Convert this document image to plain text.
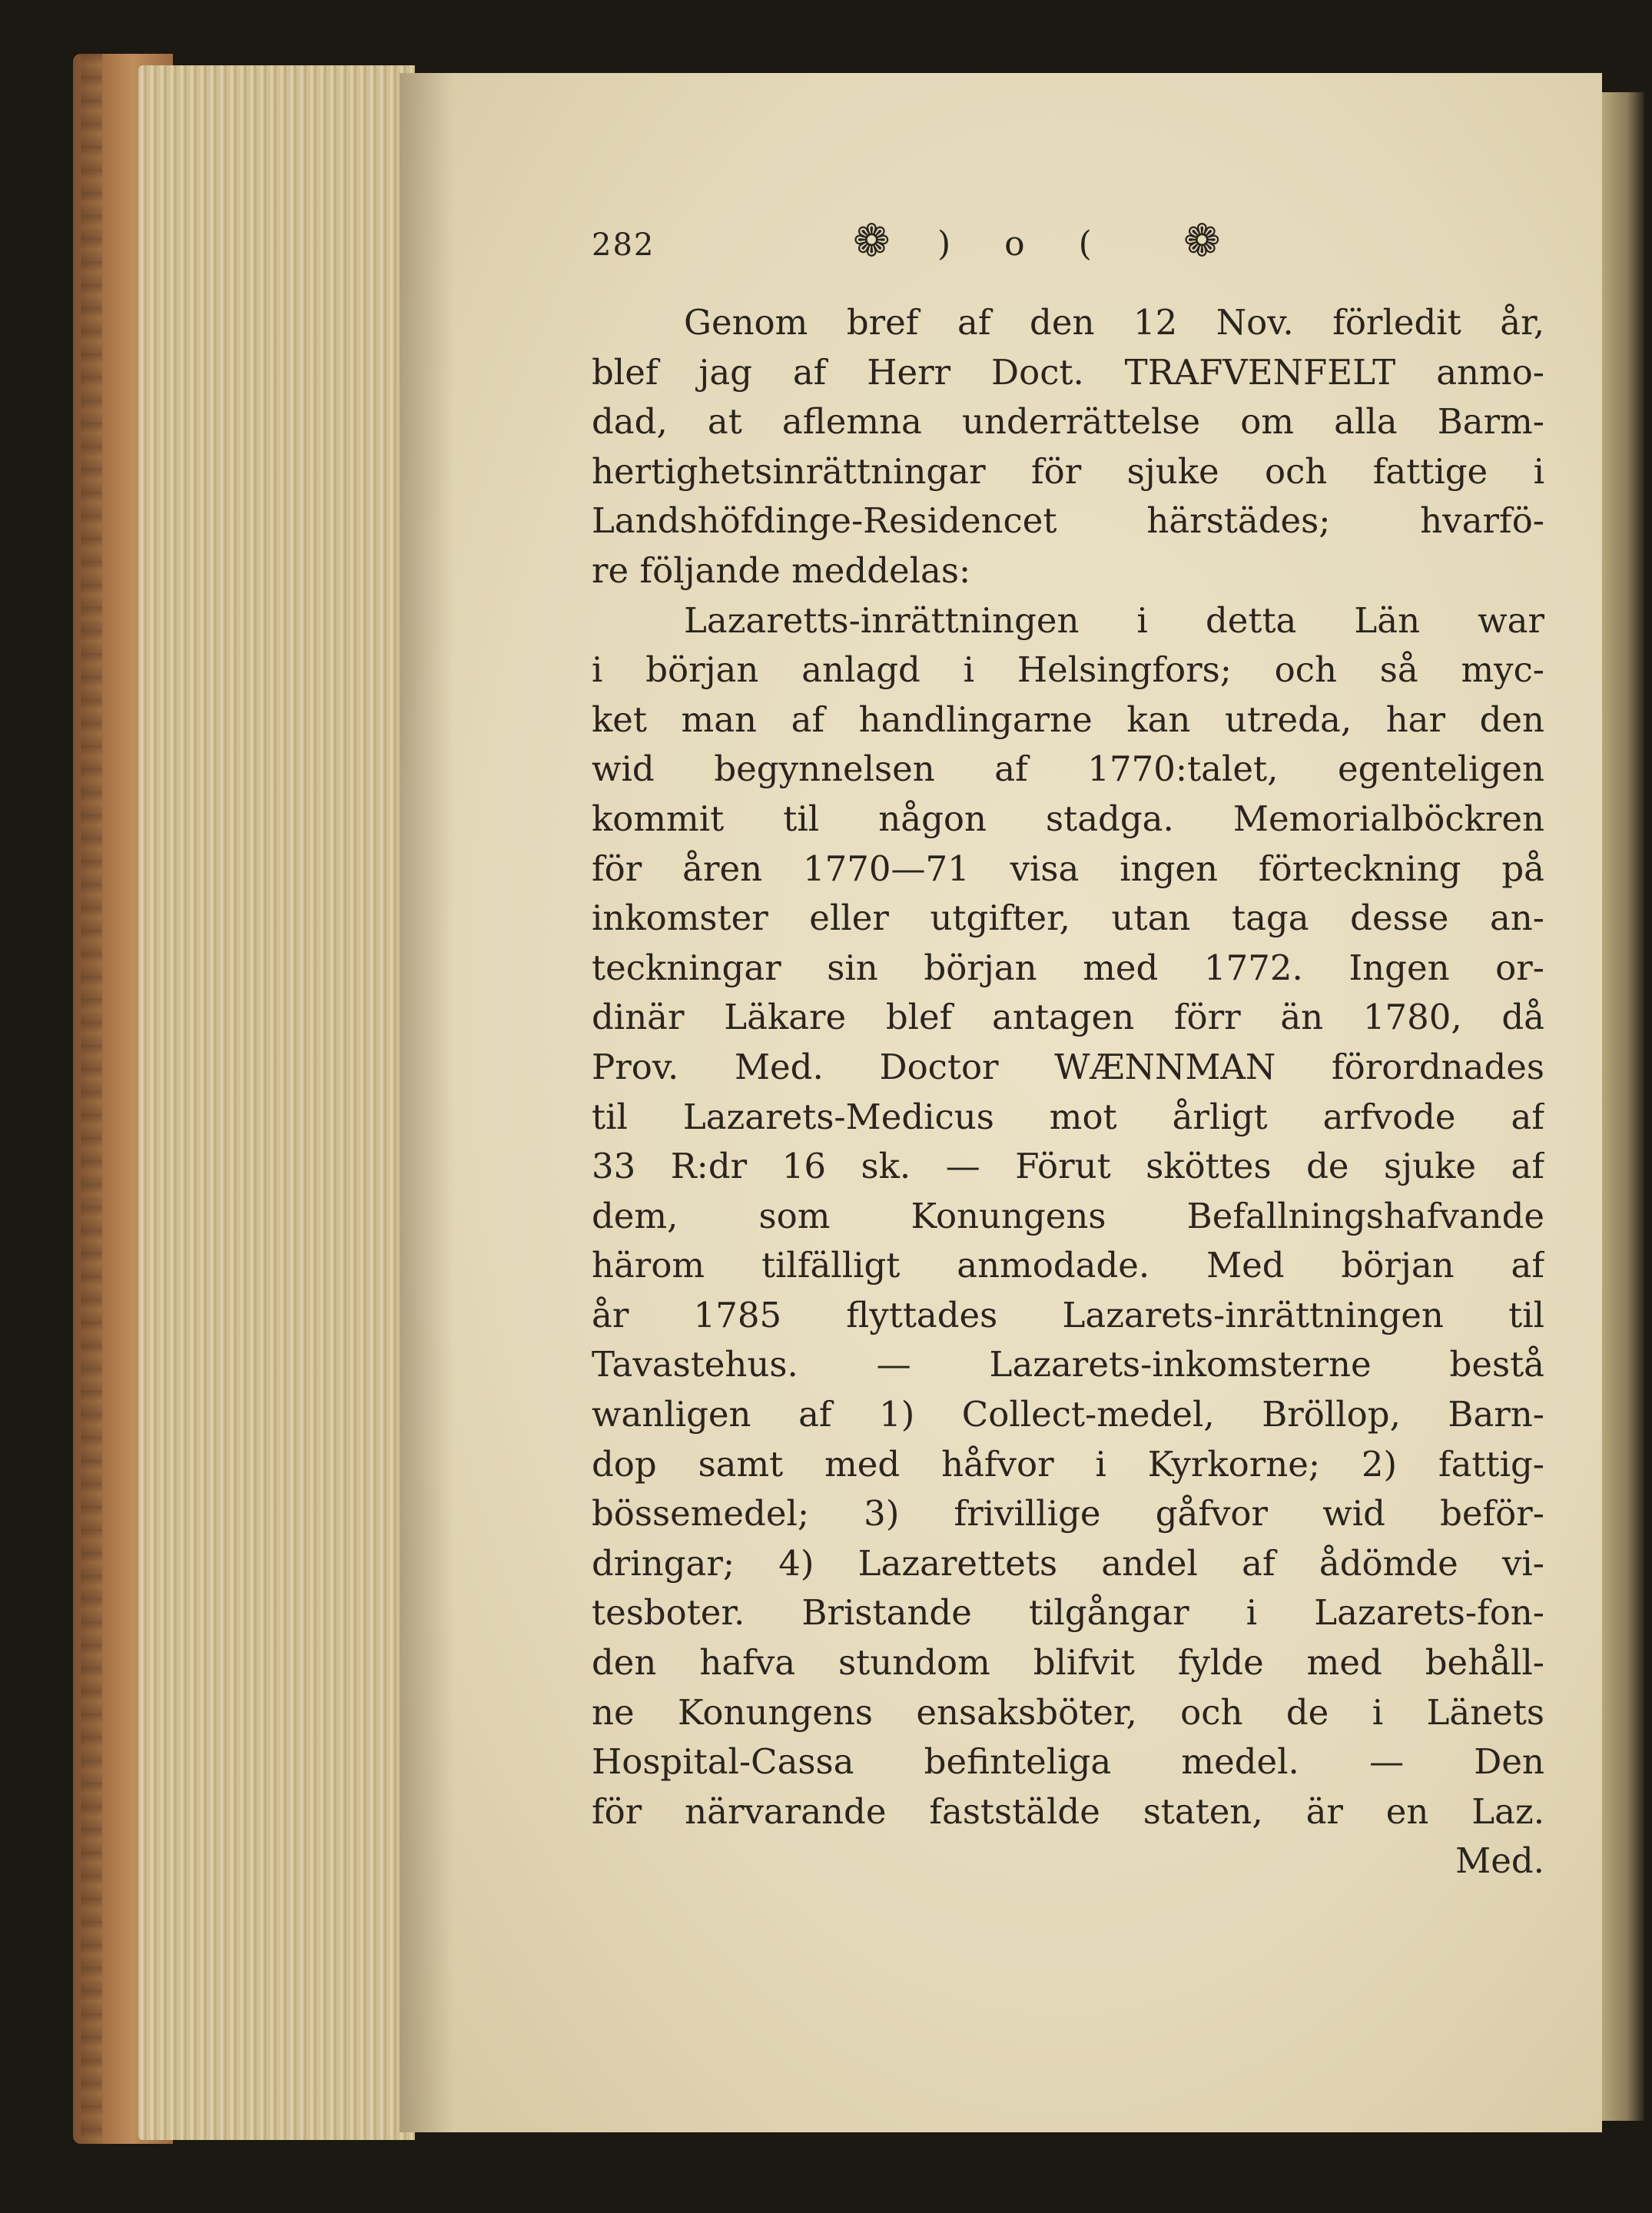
282	❁ ) o ( ❁
Genom bref af den 12 Nov. förledit år,
blef jag af Herr Doct. TRAFVENFELT anmo-
dad, at aflemna underrättelse om alla Barm-
hertighetsinrättningar för sjuke och fattige i
Landshöfdinge-Residencet härstädes; hvarfö-
re följande meddelas:
Lazaretts-inrättningen i detta Län war
i början anlagd i Helsingfors; och så myc-
ket man af handlingarne kan utreda, har den
wid begynnelsen af 1770:talet, egenteligen
kommit til någon stadga. Memorialböckren
för åren 1770—71 visa ingen förteckning på
inkomster eller utgifter, utan taga desse an-
teckningar sin början med 1772. Ingen or-
dinär Läkare blef antagen förr än 1780, då
Prov. Med. Doctor WÆNNMAN förordnades
til Lazarets-Medicus mot årligt arfvode af
33 R:dr 16 sk. — Förut sköttes de sjuke af
dem, som Konungens Befallningshafvande
härom tilfälligt anmodade. Med början af
år 1785 flyttades Lazarets-inrättningen til
Tavastehus. — Lazarets-inkomsterne bestå
wanligen af 1) Collect-medel, Bröllop, Barn-
dop samt med håfvor i Kyrkorne; 2) fattig-
bössemedel; 3) frivillige gåfvor wid beför-
dringar; 4) Lazarettets andel af ådömde vi-
tesboter. Bristande tilgångar i Lazarets-fon-
den hafva stundom blifvit fylde med behåll-
ne Konungens ensaksböter, och de i Länets
Hospital-Cassa befinteliga medel. — Den
för närvarande faststälde staten, är en Laz.
Med.
